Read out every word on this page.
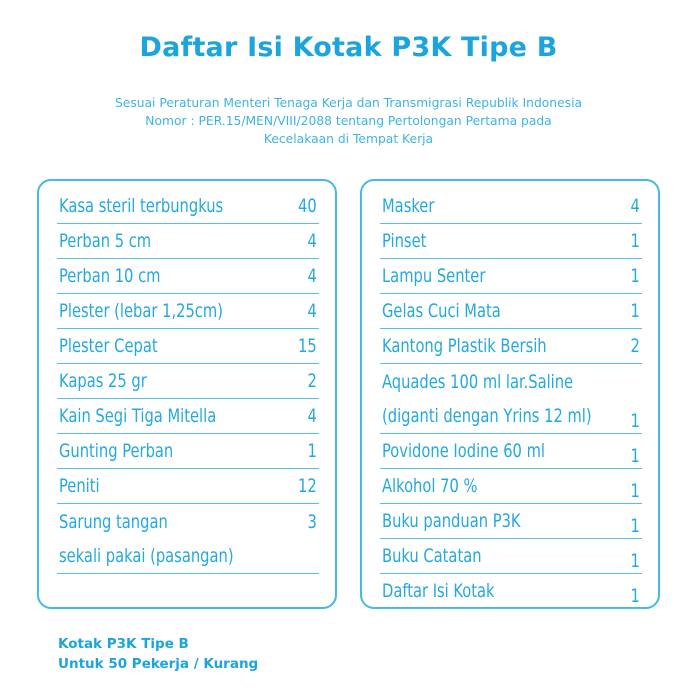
Daftar Isi Kotak P3K Tipe B
Sesuai Peraturan Menteri Tenaga Kerja dan Transmigrasi Republik Indonesia
Nomor : PER.15/MEN/VIII/2088 tentang Pertolongan Pertama pada
Kecelakaan di Tempat Kerja
Kasa steril terbungkus	40
Perban 5 cm	4
Perban 10 cm	4
Plester (lebar 1,25cm)	4
Plester Cepat	15
Kapas 25 gr	2
Kain Segi Tiga Mitella	4
Gunting Perban	1
Peniti	12
Sarung tangan	3
sekali pakai (pasangan)
Masker	4
Pinset	1
Lampu Senter	1
Gelas Cuci Mata	1
Kantong Plastik Bersih	2
Aquades 100 ml lar.Saline
(diganti dengan Yrins 12 ml) 1
Povidone Iodine 60 ml	1
Alkohol 70 %	1
Buku panduan P3K	1
Buku Catatan	1
Daftar Isi Kotak	1
Kotak P3K Tipe B
Untuk 50 Pekerja / Kurang
